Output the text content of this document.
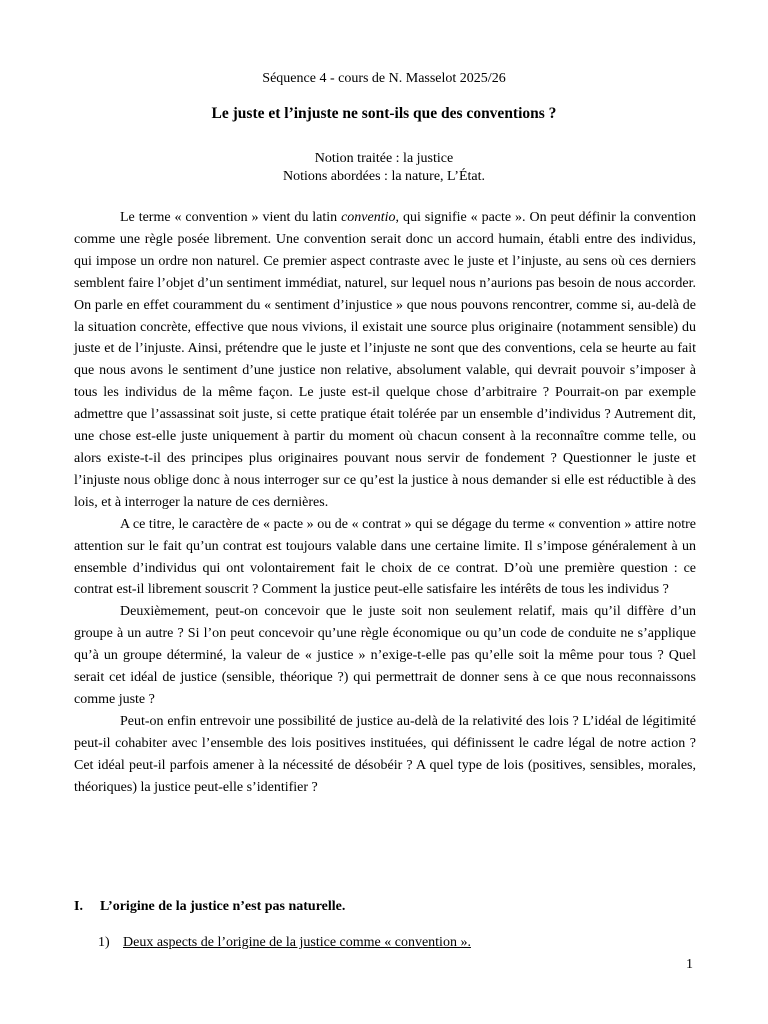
Séquence 4 - cours de N. Masselot 2025/26
Le juste et l’injuste ne sont-ils que des conventions ?
Notion traitée : la justice
Notions abordées : la nature, L’État.

Le terme « convention » vient du latin conventio, qui signifie « pacte ». On peut définir la convention comme une règle posée librement. Une convention serait donc un accord humain, établi entre des individus, qui impose un ordre non naturel. Ce premier aspect contraste avec le juste et l’injuste, au sens où ces derniers semblent faire l’objet d’un sentiment immédiat, naturel, sur lequel nous n’aurions pas besoin de nous accorder. On parle en effet couramment du « sentiment d’injustice » que nous pouvons rencontrer, comme si, au-delà de la situation concrète, effective que nous vivions, il existait une source plus originaire (notamment sensible) du juste et de l’injuste. Ainsi, prétendre que le juste et l’injuste ne sont que des conventions, cela se heurte au fait que nous avons le sentiment d’une justice non relative, absolument valable, qui devrait pouvoir s’imposer à tous les individus de la même façon. Le juste est-il quelque chose d’arbitraire ? Pourrait-on par exemple admettre que l’assassinat soit juste, si cette pratique était tolérée par un ensemble d’individus ? Autrement dit, une chose est-elle juste uniquement à partir du moment où chacun consent à la reconnaître comme telle, ou alors existe-t-il des principes plus originaires pouvant nous servir de fondement ? Questionner le juste et l’injuste nous oblige donc à nous interroger sur ce qu’est la justice à nous demander si elle est réductible à des lois, et à interroger la nature de ces dernières.

A ce titre, le caractère de « pacte » ou de « contrat » qui se dégage du terme « convention » attire notre attention sur le fait qu’un contrat est toujours valable dans une certaine limite. Il s’impose généralement à un ensemble d’individus qui ont volontairement fait le choix de ce contrat. D’où une première question : ce contrat est-il librement souscrit ? Comment la justice peut-elle satisfaire les intérêts de tous les individus ?

Deuxièmement, peut-on concevoir que le juste soit non seulement relatif, mais qu’il diffère d’un groupe à un autre ? Si l’on peut concevoir qu’une règle économique ou qu’un code de conduite ne s’applique qu’à un groupe déterminé, la valeur de « justice » n’exige-t-elle pas qu’elle soit la même pour tous ? Quel serait cet idéal de justice (sensible, théorique ?) qui permettrait de donner sens à ce que nous reconnaissons comme juste ?

Peut-on enfin entrevoir une possibilité de justice au-delà de la relativité des lois ? L’idéal de légitimité peut-il cohabiter avec l’ensemble des lois positives instituées, qui définissent le cadre légal de notre action ? Cet idéal peut-il parfois amener à la nécessité de désobéir ? A quel type de lois (positives, sensibles, morales, théoriques) la justice peut-elle s’identifier ?

I. L’origine de la justice n’est pas naturelle.
1) Deux aspects de l’origine de la justice comme « convention ».
1
